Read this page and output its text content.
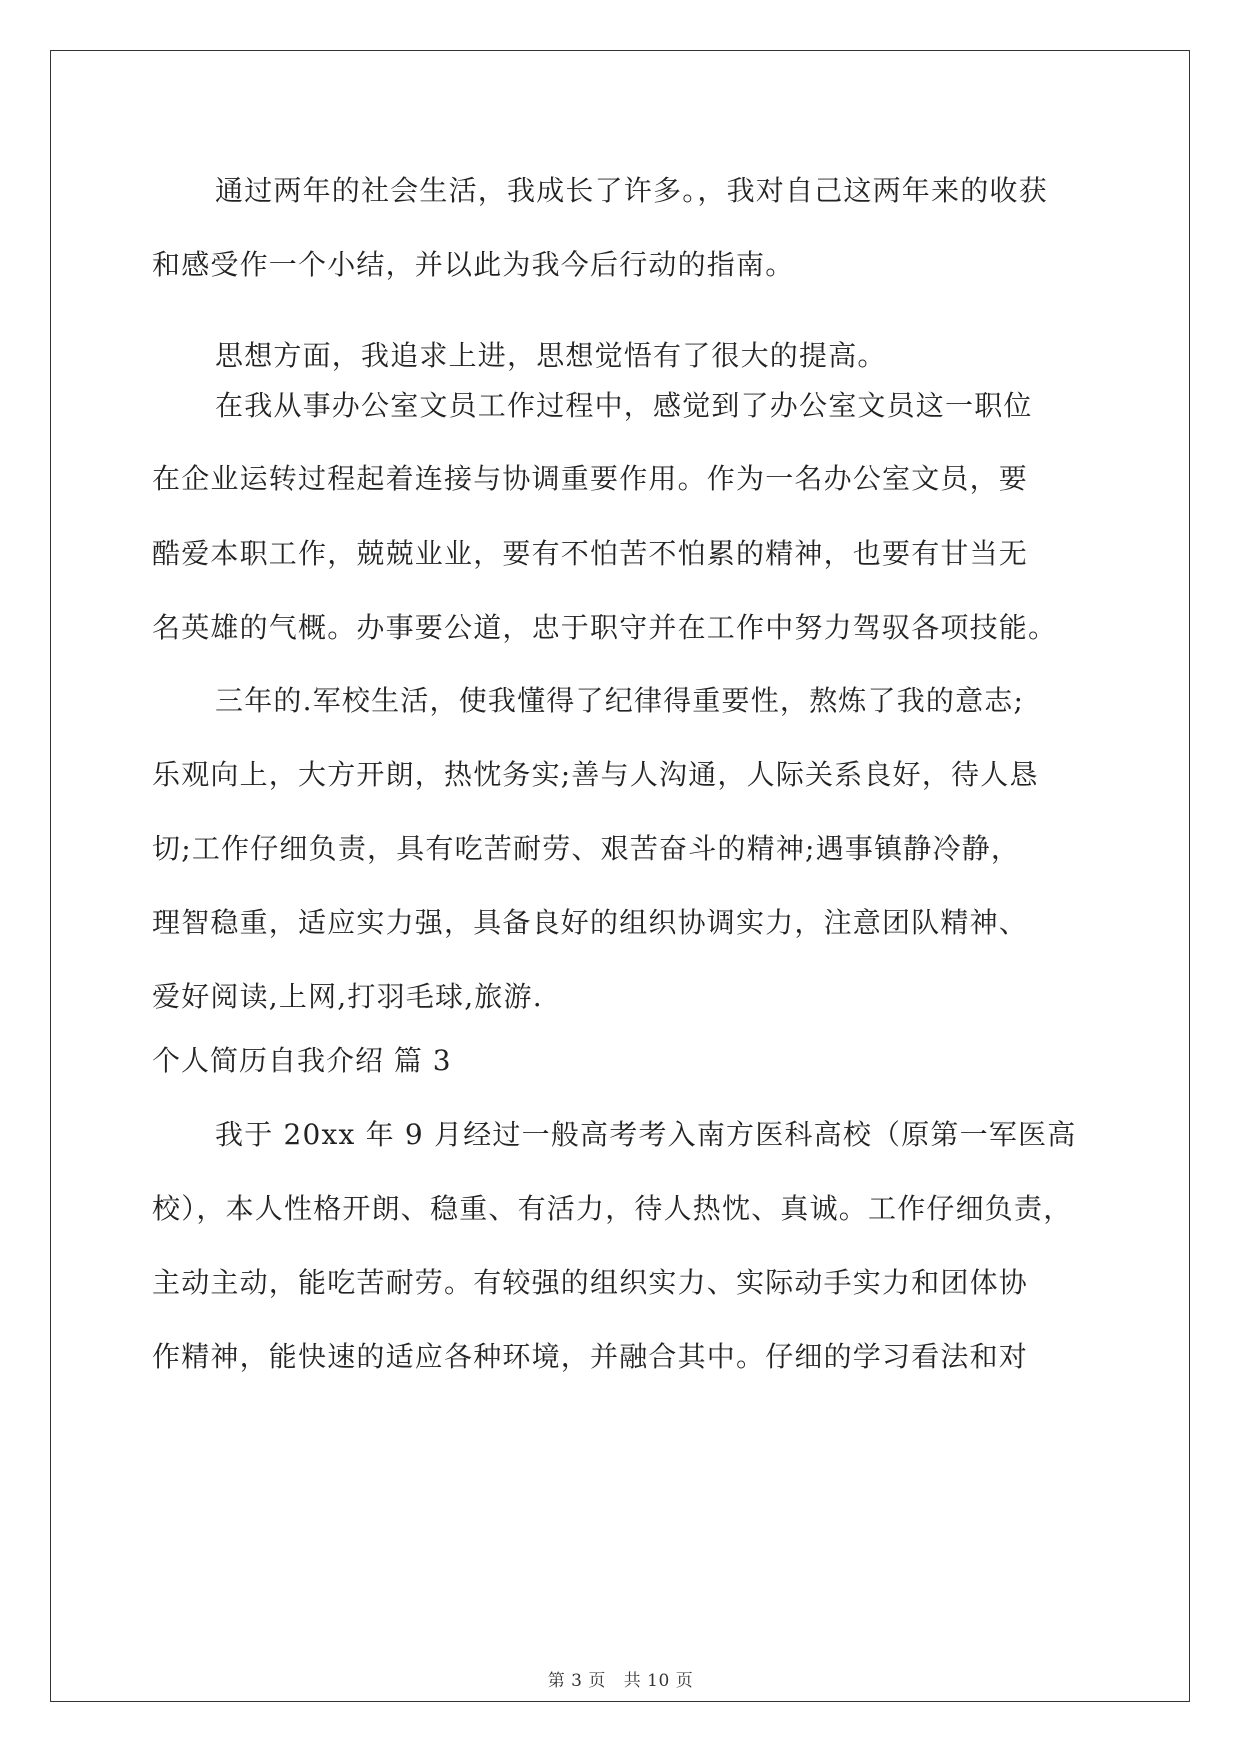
通过两年的社会生活，我成长了许多。，我对自己这两年来的收获
和感受作一个小结，并以此为我今后行动的指南。
思想方面，我追求上进，思想觉悟有了很大的提高。
在我从事办公室文员工作过程中，感觉到了办公室文员这一职位
在企业运转过程起着连接与协调重要作用。作为一名办公室文员，要
酷爱本职工作，兢兢业业，要有不怕苦不怕累的精神，也要有甘当无
名英雄的气概。办事要公道，忠于职守并在工作中努力驾驭各项技能。
三年的.军校生活，使我懂得了纪律得重要性，熬炼了我的意志;
乐观向上，大方开朗，热忱务实;善与人沟通，人际关系良好，待人恳
切;工作仔细负责，具有吃苦耐劳、艰苦奋斗的精神;遇事镇静冷静，
理智稳重，适应实力强，具备良好的组织协调实力，注意团队精神、
爱好阅读,上网,打羽毛球,旅游.
个人简历自我介绍 篇 3
我于 20xx 年 9 月经过一般高考考入南方医科高校（原第一军医高
校），本人性格开朗、稳重、有活力，待人热忱、真诚。工作仔细负责，
主动主动，能吃苦耐劳。有较强的组织实力、实际动手实力和团体协
作精神，能快速的适应各种环境，并融合其中。仔细的学习看法和对
第 3 页 共 10 页
